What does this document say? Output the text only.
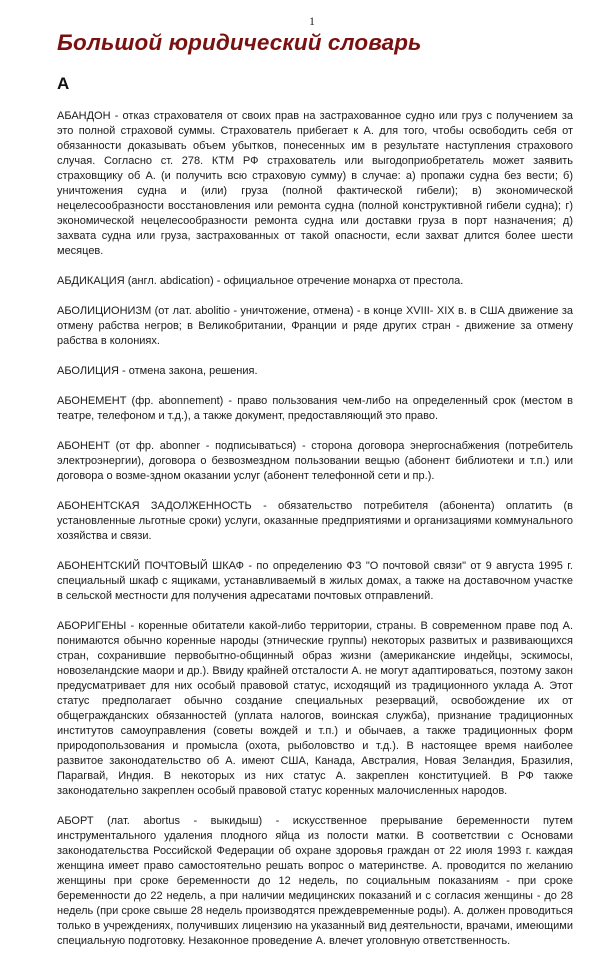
1
Большой юридический словарь
А

АБАНДОН - отказ страхователя от своих прав на застрахованное судно или груз с получением за это полной страховой суммы. Страхователь прибегает к А. для того, чтобы освободить себя от обязанности доказывать объем убытков, понесенных им в результате наступления страхового случая. Согласно ст. 278. КТМ РФ страхователь или выгодоприобретатель может заявить страховщику об А. (и получить всю страховую сумму) в случае: а) пропажи судна без вести; б) уничтожения судна и (или) груза (полной фактической гибели); в) экономической нецелесообразности восстановления или ремонта судна (полной конструктивной гибели судна); г) экономической нецелесообразности ремонта судна или доставки груза в порт назначения; д) захвата судна или груза, застрахованных от такой опасности, если захват длится более шести месяцев.

АБДИКАЦИЯ (англ. abdication) - официальное отречение монарха от престола.

АБОЛИЦИОНИЗМ (от лат. abolitio - уничтожение, отмена) - в конце XVIII- XIX в. в США движение за отмену рабства негров; в Великобритании, Франции и ряде других стран - движение за отмену рабства в колониях.

АБОЛИЦИЯ - отмена закона, решения.

АБОНЕМЕНТ (фр. abonnement) - право пользования чем-либо на определенный срок (местом в театре, телефоном и т.д.), а также документ, предоставляющий это право.

АБОНЕНТ (от фр. abonner - подписываться) - сторона договора энергоснабжения (потребитель электроэнергии), договора о безвозмездном пользовании вещью (абонент библиотеки и т.п.) или договора о возме-здном оказании услуг (абонент телефонной сети и пр.).

АБОНЕНТСКАЯ ЗАДОЛЖЕННОСТЬ - обязательство потребителя (абонента) оплатить (в установленные льготные сроки) услуги, оказанные предприятиями и организациями коммунального хозяйства и связи.

АБОНЕНТСКИЙ ПОЧТОВЫЙ ШКАФ - по определению ФЗ "О почтовой связи" от 9 августа 1995 г. специальный шкаф с ящиками, устанавливаемый в жилых домах, а также на доставочном участке в сельской местности для получения адресатами почтовых отправлений.

АБОРИГЕНЫ - коренные обитатели какой-либо территории, страны. В современном праве под А. понимаются обычно коренные народы (этнические группы) некоторых развитых и развивающихся стран, сохранившие первобытно-общинный образ жизни (американские индейцы, эскимосы, новозеландские маори и др.). Ввиду крайней отсталости А. не могут адаптироваться, поэтому закон предусматривает для них особый правовой статус, исходящий из традиционного уклада А. Этот статус предполагает обычно создание специальных резерваций, освобождение их от общегражданских обязанностей (уплата налогов, воинская служба), признание традиционных институтов самоуправления (советы вождей и т.п.) и обычаев, а также традиционных форм природопользования и промысла (охота, рыболовство и т.д.). В настоящее время наиболее развитое законодательство об А. имеют США, Канада, Австралия, Новая Зеландия, Бразилия, Парагвай, Индия. В некоторых из них статус А. закреплен конституцией. В РФ также законодательно закреплен особый правовой статус коренных малочисленных народов.

АБОРТ (лат. abortus - выкидыш) - искусственное прерывание беременности путем инструментального удаления плодного яйца из полости матки. В соответствии с Основами законодательства Российской Федерации об охране здоровья граждан от 22 июля 1993 г. каждая женщина имеет право самостоятельно решать вопрос о материнстве. А. проводится по желанию женщины при сроке беременности до 12 недель, по социальным показаниям - при сроке беременности до 22 недель, а при наличии медицинских показаний и с согласия женщины - до 28 недель (при сроке свыше 28 недель производятся преждевременные роды). А. должен проводиться только в учреждениях, получивших лицензию на указанный вид деятельности, врачами, имеющими специальную подготовку. Незаконное проведение А. влечет уголовную ответственность.
